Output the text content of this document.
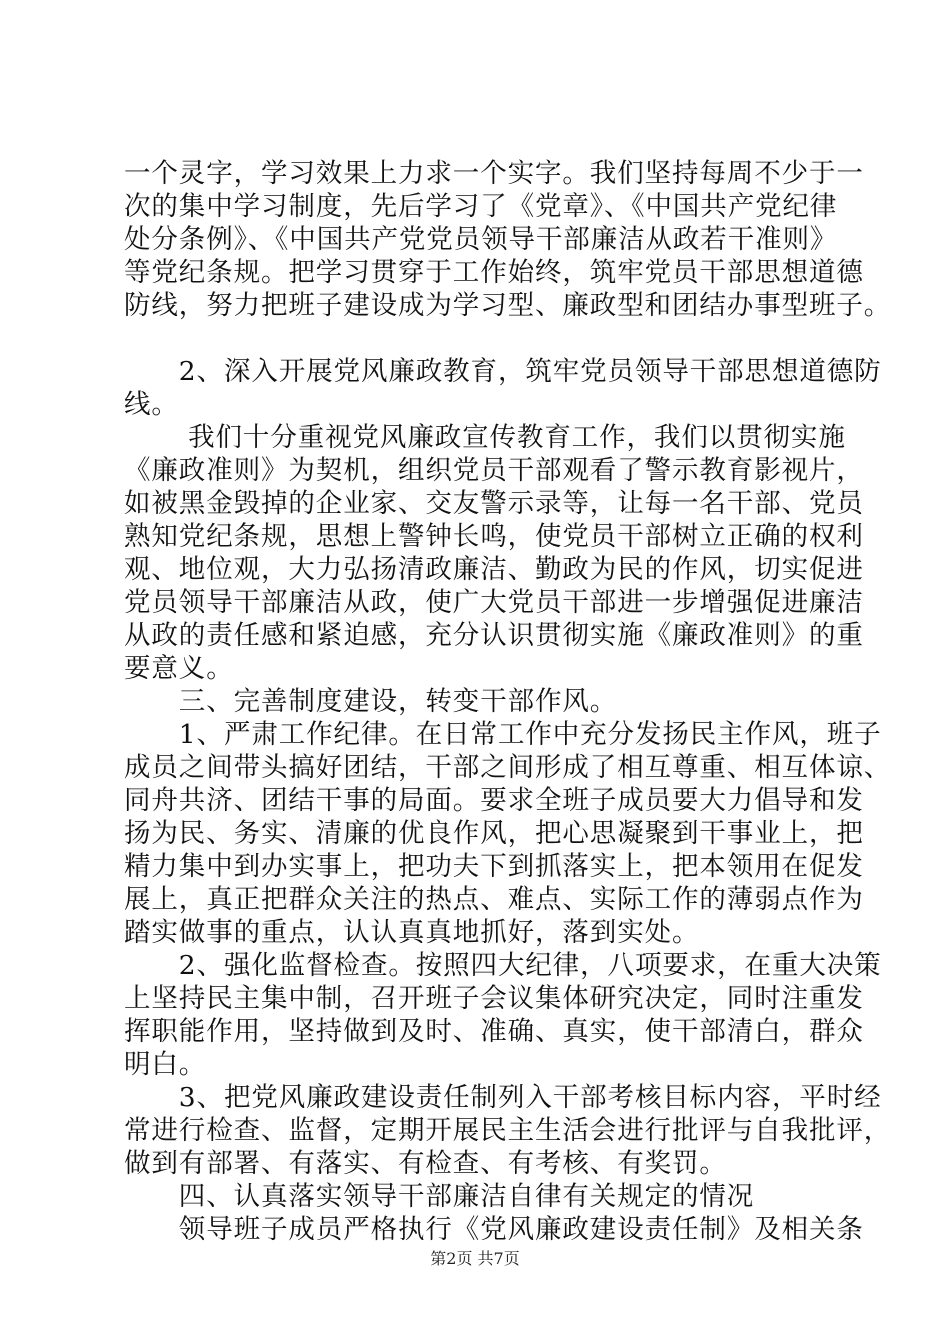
一个灵字，学习效果上力求一个实字。我们坚持每周不少于一
次的集中学习制度，先后学习了《党章》、《中国共产党纪律
处分条例》、《中国共产党党员领导干部廉洁从政若干准则》
等党纪条规。把学习贯穿于工作始终，筑牢党员干部思想道德
防线，努力把班子建设成为学习型、廉政型和团结办事型班子。
　　2、深入开展党风廉政教育，筑牢党员领导干部思想道德防
线。
　　 我们十分重视党风廉政宣传教育工作，我们以贯彻实施
《廉政准则》为契机，组织党员干部观看了警示教育影视片，
如被黑金毁掉的企业家、交友警示录等，让每一名干部、党员
熟知党纪条规，思想上警钟长鸣，使党员干部树立正确的权利
观、地位观，大力弘扬清政廉洁、勤政为民的作风，切实促进
党员领导干部廉洁从政，使广大党员干部进一步增强促进廉洁
从政的责任感和紧迫感，充分认识贯彻实施《廉政准则》的重
要意义。
　　三、完善制度建设，转变干部作风。
　　1、严肃工作纪律。在日常工作中充分发扬民主作风，班子
成员之间带头搞好团结，干部之间形成了相互尊重、相互体谅、
同舟共济、团结干事的局面。要求全班子成员要大力倡导和发
扬为民、务实、清廉的优良作风，把心思凝聚到干事业上，把
精力集中到办实事上，把功夫下到抓落实上，把本领用在促发
展上，真正把群众关注的热点、难点、实际工作的薄弱点作为
踏实做事的重点，认认真真地抓好，落到实处。
　　2、强化监督检查。按照四大纪律，八项要求，在重大决策
上坚持民主集中制，召开班子会议集体研究决定，同时注重发
挥职能作用，坚持做到及时、准确、真实，使干部清白，群众
明白。
　　3、把党风廉政建设责任制列入干部考核目标内容，平时经
常进行检查、监督，定期开展民主生活会进行批评与自我批评，
做到有部署、有落实、有检查、有考核、有奖罚。
　　四、认真落实领导干部廉洁自律有关规定的情况
　　领导班子成员严格执行《党风廉政建设责任制》及相关条
第2页 共7页
